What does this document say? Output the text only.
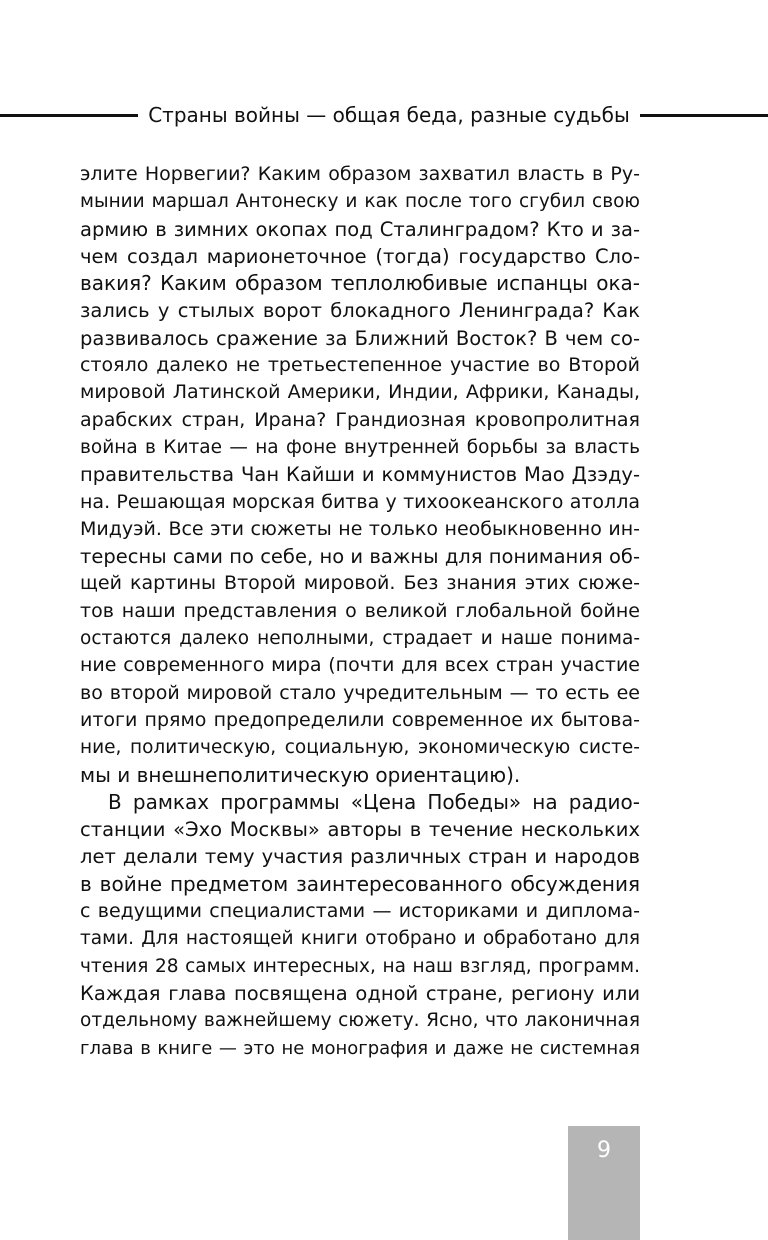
Страны войны — общая беда, разные судьбы
элите Норвегии? Каким образом захватил власть в Ру-
мынии маршал Антонеску и как после того сгубил свою
армию в зимних окопах под Сталинградом? Кто и за-
чем создал марионеточное (тогда) государство Сло-
вакия? Каким образом теплолюбивые испанцы ока-
зались у стылых ворот блокадного Ленинграда? Как
развивалось сражение за Ближний Восток? В чем со-
стояло далеко не третьестепенное участие во Второй
мировой Латинской Америки, Индии, Африки, Канады,
арабских стран, Ирана? Грандиозная кровопролитная
война в Китае — на фоне внутренней борьбы за власть
правительства Чан Кайши и коммунистов Мао Дзэду-
на. Решающая морская битва у тихоокеанского атолла
Мидуэй. Все эти сюжеты не только необыкновенно ин-
тересны сами по себе, но и важны для понимания об-
щей картины Второй мировой. Без знания этих сюже-
тов наши представления о великой глобальной бойне
остаются далеко неполными, страдает и наше понима-
ние современного мира (почти для всех стран участие
во второй мировой стало учредительным — то есть ее
итоги прямо предопределили современное их бытова-
ние, политическую, социальную, экономическую систе-
мы и внешнеполитическую ориентацию).
В рамках программы «Цена Победы» на радио-
станции «Эхо Москвы» авторы в течение нескольких
лет делали тему участия различных стран и народов
в войне предметом заинтересованного обсуждения
с ведущими специалистами — историками и диплома-
тами. Для настоящей книги отобрано и обработано для
чтения 28 самых интересных, на наш взгляд, программ.
Каждая глава посвящена одной стране, региону или
отдельному важнейшему сюжету. Ясно, что лаконичная
глава в книге — это не монография и даже не системная
9
